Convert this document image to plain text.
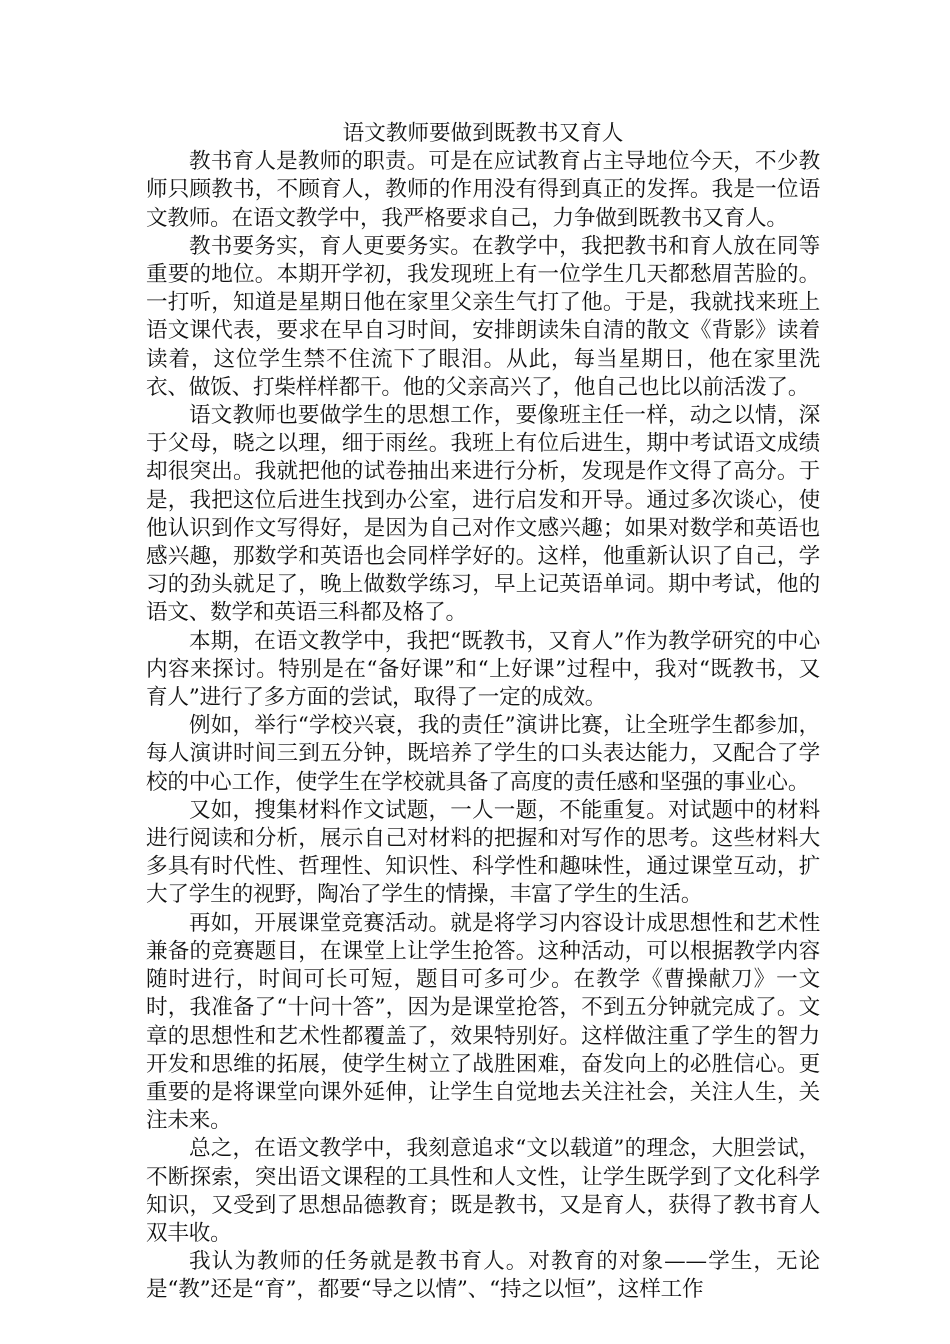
语文教师要做到既教书又育人

教书育人是教师的职责。可是在应试教育占主导地位今天，不少教师只顾教书，不顾育人，教师的作用没有得到真正的发挥。我是一位语文教师。在语文教学中，我严格要求自己，力争做到既教书又育人。

教书要务实，育人更要务实。在教学中，我把教书和育人放在同等重要的地位。本期开学初，我发现班上有一位学生几天都愁眉苦脸的。一打听，知道是星期日他在家里父亲生气打了他。于是，我就找来班上语文课代表，要求在早自习时间，安排朗读朱自清的散文《背影》读着读着，这位学生禁不住流下了眼泪。从此，每当星期日，他在家里洗衣、做饭、打柴样样都干。他的父亲高兴了，他自己也比以前活泼了。

语文教师也要做学生的思想工作，要像班主任一样，动之以情，深于父母，晓之以理，细于雨丝。我班上有位后进生，期中考试语文成绩却很突出。我就把他的试卷抽出来进行分析，发现是作文得了高分。于是，我把这位后进生找到办公室，进行启发和开导。通过多次谈心，使他认识到作文写得好，是因为自己对作文感兴趣；如果对数学和英语也感兴趣，那数学和英语也会同样学好的。这样，他重新认识了自己，学习的劲头就足了，晚上做数学练习，早上记英语单词。期中考试，他的语文、数学和英语三科都及格了。

本期，在语文教学中，我把“既教书，又育人”作为教学研究的中心内容来探讨。特别是在“备好课”和“上好课”过程中，我对“既教书，又育人”进行了多方面的尝试，取得了一定的成效。

例如，举行“学校兴衰，我的责任”演讲比赛，让全班学生都参加，每人演讲时间三到五分钟，既培养了学生的口头表达能力，又配合了学校的中心工作，使学生在学校就具备了高度的责任感和坚强的事业心。

又如，搜集材料作文试题，一人一题，不能重复。对试题中的材料进行阅读和分析，展示自己对材料的把握和对写作的思考。这些材料大多具有时代性、哲理性、知识性、科学性和趣味性，通过课堂互动，扩大了学生的视野，陶冶了学生的情操，丰富了学生的生活。

再如，开展课堂竞赛活动。就是将学习内容设计成思想性和艺术性兼备的竞赛题目，在课堂上让学生抢答。这种活动，可以根据教学内容随时进行，时间可长可短，题目可多可少。在教学《曹操献刀》一文时，我准备了“十问十答”，因为是课堂抢答，不到五分钟就完成了。文章的思想性和艺术性都覆盖了，效果特别好。这样做注重了学生的智力开发和思维的拓展，使学生树立了战胜困难，奋发向上的必胜信心。更重要的是将课堂向课外延伸，让学生自觉地去关注社会，关注人生，关注未来。

总之，在语文教学中，我刻意追求“文以载道”的理念，大胆尝试，不断探索，突出语文课程的工具性和人文性，让学生既学到了文化科学知识，又受到了思想品德教育；既是教书，又是育人，获得了教书育人双丰收。

我认为教师的任务就是教书育人。对教育的对象——学生，无论是“教”还是“育”，都要“导之以情”、“持之以恒”，这样工作
